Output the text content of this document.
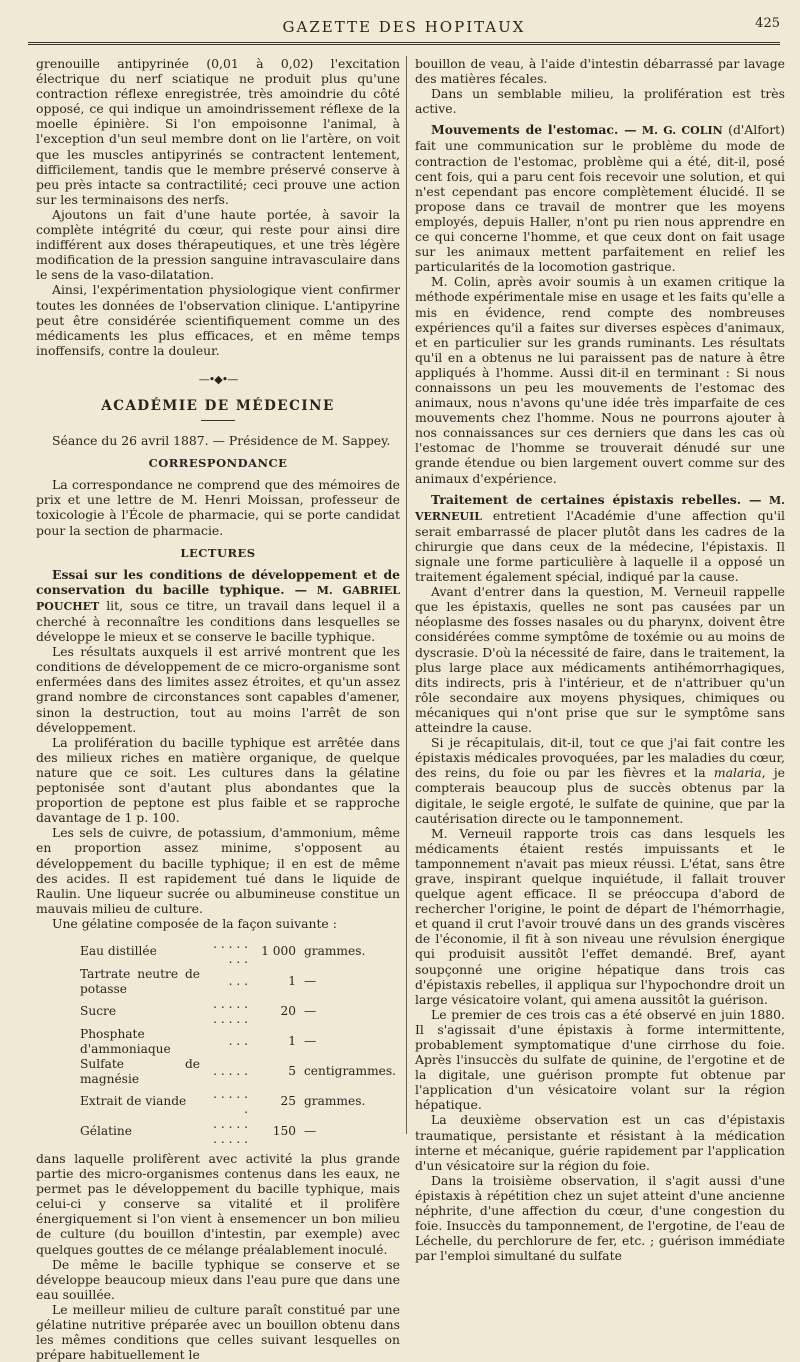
GAZETTE DES HOPITAUX	425

grenouille antipyrinée (0,01 à 0,02) l'excitation électrique du nerf sciatique ne produit plus qu'une contraction réflexe enregistrée, très amoindrie du côté opposé, ce qui indique un amoindrissement réflexe de la moelle épinière. Si l'on empoisonne l'animal, à l'exception d'un seul membre dont on lie l'artère, on voit que les muscles antipyrinés se contractent lentement, difficilement, tandis que le membre préservé conserve à peu près intacte sa contractilité; ceci prouve une action sur les terminaisons des nerfs.

Ajoutons un fait d'une haute portée, à savoir la complète intégrité du cœur, qui reste pour ainsi dire indifférent aux doses thérapeutiques, et une très légère modification de la pression sanguine intravasculaire dans le sens de la vaso-dilatation.

Ainsi, l'expérimentation physiologique vient confirmer toutes les données de l'observation clinique. L'antipyrine peut être considérée scientifiquement comme un des médicaments les plus efficaces, et en même temps inoffensifs, contre la douleur.

—•◆•—
ACADÉMIE DE MÉDECINE

Séance du 26 avril 1887. — Présidence de M. Sappey.

CORRESPONDANCE

La correspondance ne comprend que des mémoires de prix et une lettre de M. Henri Moissan, professeur de toxicologie à l'École de pharmacie, qui se porte candidat pour la section de pharmacie.

LECTURES

Essai sur les conditions de développement et de conservation du bacille typhique. — M. GABRIEL POUCHET lit, sous ce titre, un travail dans lequel il a cherché à reconnaître les conditions dans lesquelles se développe le mieux et se conserve le bacille typhique.

Les résultats auxquels il est arrivé montrent que les conditions de développement de ce micro-organisme sont enfermées dans des limites assez étroites, et qu'un assez grand nombre de circonstances sont capables d'amener, sinon la destruction, tout au moins l'arrêt de son développement.

La prolifération du bacille typhique est arrêtée dans des milieux riches en matière organique, de quelque nature que ce soit. Les cultures dans la gélatine peptonisée sont d'autant plus abondantes que la proportion de peptone est plus faible et se rapproche davantage de 1 p. 100.

Les sels de cuivre, de potassium, d'ammonium, même en proportion assez minime, s'opposent au développement du bacille typhique; il en est de même des acides. Il est rapidement tué dans le liquide de Raulin. Une liqueur sucrée ou albumineuse constitue un mauvais milieu de culture.

Une gélatine composée de la façon suivante :

Eau distillée	. . . . . . . .	1 000	grammes.
Tartrate neutre de potasse	. . .	1	—
Sucre	. . . . . . . . . .	20	—
Phosphate d'ammoniaque	. . .	1	—
Sulfate de magnésie	. . . . .	5	centigrammes.
Extrait de viande	. . . . . .	25	grammes.
Gélatine	. . . . . . . . . .	150	—

dans laquelle prolifèrent avec activité la plus grande partie des micro-organismes contenus dans les eaux, ne permet pas le développement du bacille typhique, mais celui-ci y conserve sa vitalité et il prolifère énergiquement si l'on vient à ensemencer un bon milieu de culture (du bouillon d'intestin, par exemple) avec quelques gouttes de ce mélange préalablement inoculé.

De même le bacille typhique se conserve et se développe beaucoup mieux dans l'eau pure que dans une eau souillée.

Le meilleur milieu de culture paraît constitué par une gélatine nutritive préparée avec un bouillon obtenu dans les mêmes conditions que celles suivant lesquelles on prépare habituellement le

bouillon de veau, à l'aide d'intestin débarrassé par lavage des matières fécales.

Dans un semblable milieu, la prolifération est très active.

Mouvements de l'estomac. — M. G. COLIN (d'Alfort) fait une communication sur le problème du mode de contraction de l'estomac, problème qui a été, dit-il, posé cent fois, qui a paru cent fois recevoir une solution, et qui n'est cependant pas encore complètement élucidé. Il se propose dans ce travail de montrer que les moyens employés, depuis Haller, n'ont pu rien nous apprendre en ce qui concerne l'homme, et que ceux dont on fait usage sur les animaux mettent parfaitement en relief les particularités de la locomotion gastrique.

M. Colin, après avoir soumis à un examen critique la méthode expérimentale mise en usage et les faits qu'elle a mis en évidence, rend compte des nombreuses expériences qu'il a faites sur diverses espèces d'animaux, et en particulier sur les grands ruminants. Les résultats qu'il en a obtenus ne lui paraissent pas de nature à être appliqués à l'homme. Aussi dit-il en terminant : Si nous connaissons un peu les mouvements de l'estomac des animaux, nous n'avons qu'une idée très imparfaite de ces mouvements chez l'homme. Nous ne pourrons ajouter à nos connaissances sur ces derniers que dans les cas où l'estomac de l'homme se trouverait dénudé sur une grande étendue ou bien largement ouvert comme sur des animaux d'expérience.

Traitement de certaines épistaxis rebelles. — M. VERNEUIL entretient l'Académie d'une affection qu'il serait embarrassé de placer plutôt dans les cadres de la chirurgie que dans ceux de la médecine, l'épistaxis. Il signale une forme particulière à laquelle il a opposé un traitement également spécial, indiqué par la cause.

Avant d'entrer dans la question, M. Verneuil rappelle que les épistaxis, quelles ne sont pas causées par un néoplasme des fosses nasales ou du pharynx, doivent être considérées comme symptôme de toxémie ou au moins de dyscrasie. D'où la nécessité de faire, dans le traitement, la plus large place aux médicaments antihémorrhagiques, dits indirects, pris à l'intérieur, et de n'attribuer qu'un rôle secondaire aux moyens physiques, chimiques ou mécaniques qui n'ont prise que sur le symptôme sans atteindre la cause.

Si je récapitulais, dit-il, tout ce que j'ai fait contre les épistaxis médicales provoquées, par les maladies du cœur, des reins, du foie ou par les fièvres et la malaria, je compterais beaucoup plus de succès obtenus par la digitale, le seigle ergoté, le sulfate de quinine, que par la cautérisation directe ou le tamponnement.

M. Verneuil rapporte trois cas dans lesquels les médicaments étaient restés impuissants et le tamponnement n'avait pas mieux réussi. L'état, sans être grave, inspirant quelque inquiétude, il fallait trouver quelque agent efficace. Il se préoccupa d'abord de rechercher l'origine, le point de départ de l'hémorrhagie, et quand il crut l'avoir trouvé dans un des grands viscères de l'économie, il fit à son niveau une révulsion énergique qui produisit aussitôt l'effet demandé. Bref, ayant soupçonné une origine hépatique dans trois cas d'épistaxis rebelles, il appliqua sur l'hypochondre droit un large vésicatoire volant, qui amena aussitôt la guérison.

Le premier de ces trois cas a été observé en juin 1880. Il s'agissait d'une épistaxis à forme intermittente, probablement symptomatique d'une cirrhose du foie. Après l'insuccès du sulfate de quinine, de l'ergotine et de la digitale, une guérison prompte fut obtenue par l'application d'un vésicatoire volant sur la région hépatique.

La deuxième observation est un cas d'épistaxis traumatique, persistante et résistant à la médication interne et mécanique, guérie rapidement par l'application d'un vésicatoire sur la région du foie.

Dans la troisième observation, il s'agit aussi d'une épistaxis à répétition chez un sujet atteint d'une ancienne néphrite, d'une affection du cœur, d'une congestion du foie. Insuccès du tamponnement, de l'ergotine, de l'eau de Léchelle, du perchlorure de fer, etc. ; guérison immédiate par l'emploi simultané du sulfate
